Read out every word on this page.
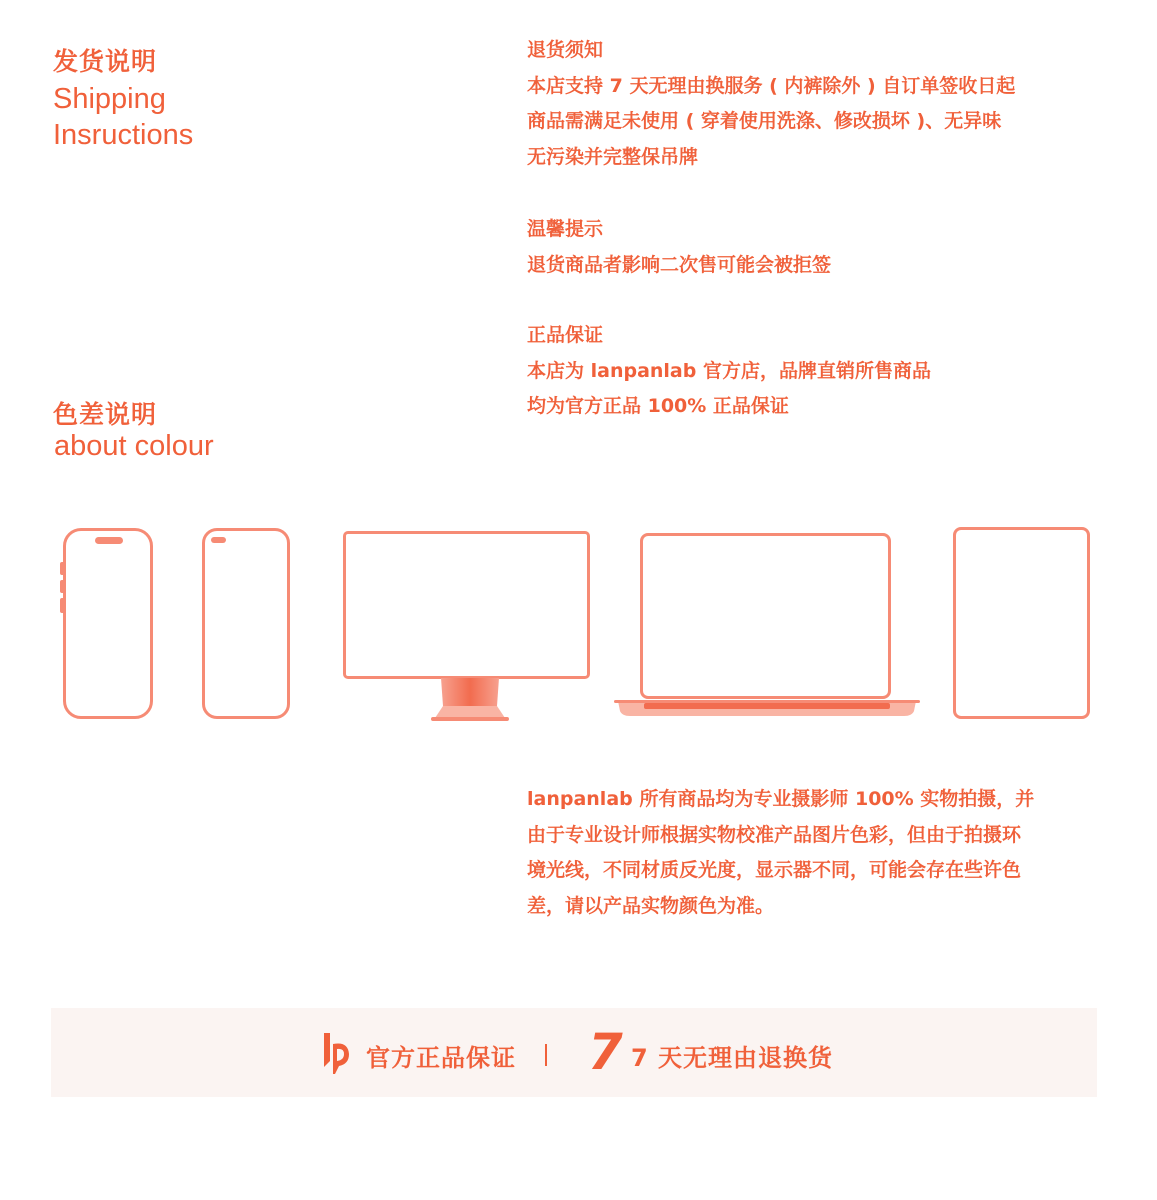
发货说明
Shipping
Insructions
色差说明
about colour
退货须知
本店支持 7 天无理由换服务 ( 内裤除外 ) 自订单签收日起
商品需满足未使用 ( 穿着使用洗涤、修改损坏 )、无异味
无污染并完整保吊牌
温馨提示
退货商品者影响二次售可能会被拒签
正品保证
本店为 lanpanlab 官方店，品牌直销所售商品
均为官方正品 100% 正品保证
lanpanlab 所有商品均为专业摄影师 100% 实物拍摄，并
由于专业设计师根据实物校准产品图片色彩，但由于拍摄环
境光线，不同材质反光度，显示器不同，可能会存在些许色
差，请以产品实物颜色为准。
官方正品保证 7 7 天无理由退换货
